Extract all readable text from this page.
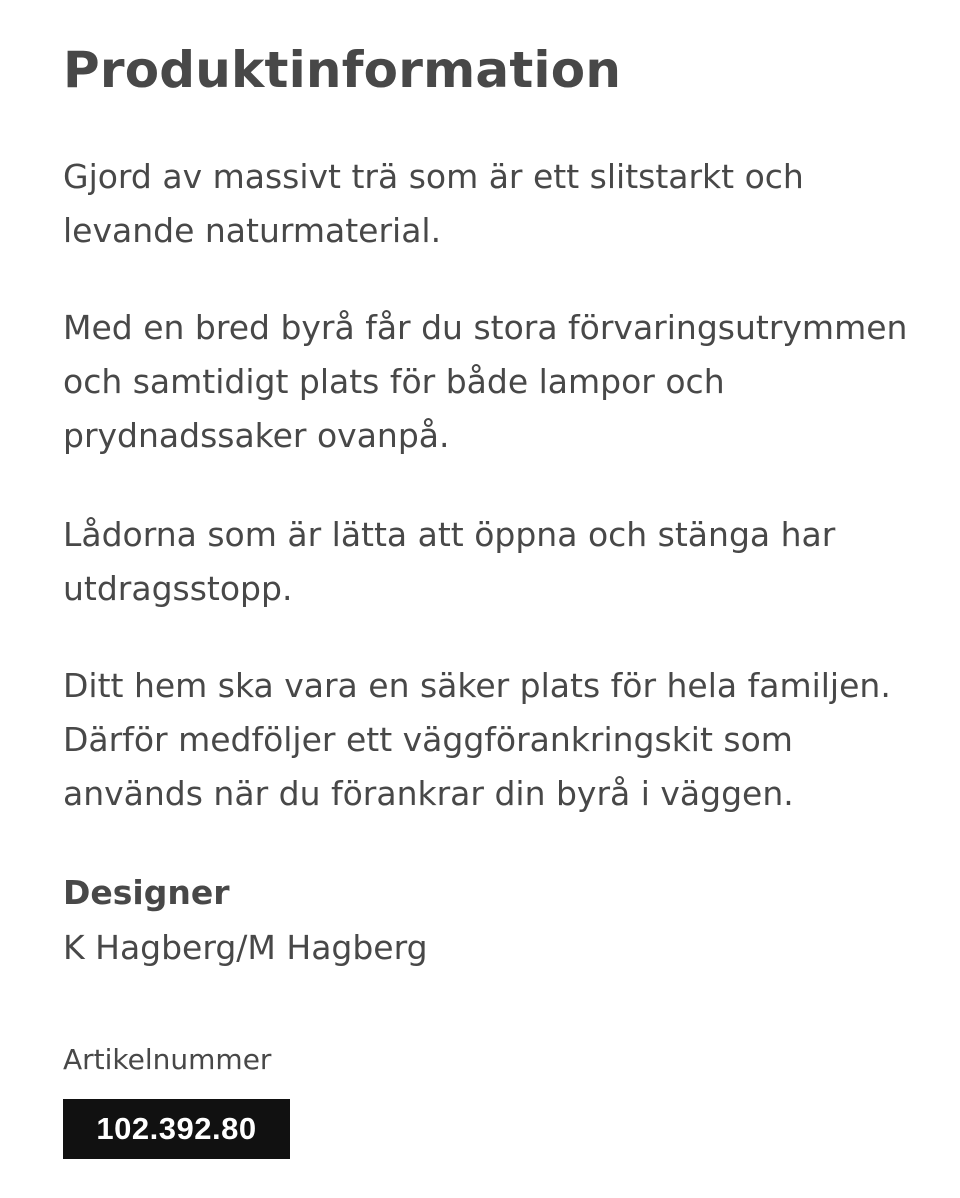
Produktinformation

Gjord av massivt trä som är ett slitstarkt och
levande naturmaterial.

Med en bred byrå får du stora förvaringsutrymmen
och samtidigt plats för både lampor och
prydnadssaker ovanpå.

Lådorna som är lätta att öppna och stänga har
utdragsstopp.

Ditt hem ska vara en säker plats för hela familjen.
Därför medföljer ett väggförankringskit som
används när du förankrar din byrå i väggen.

Designer

K Hagberg/M Hagberg

Artikelnummer

102.392.80
